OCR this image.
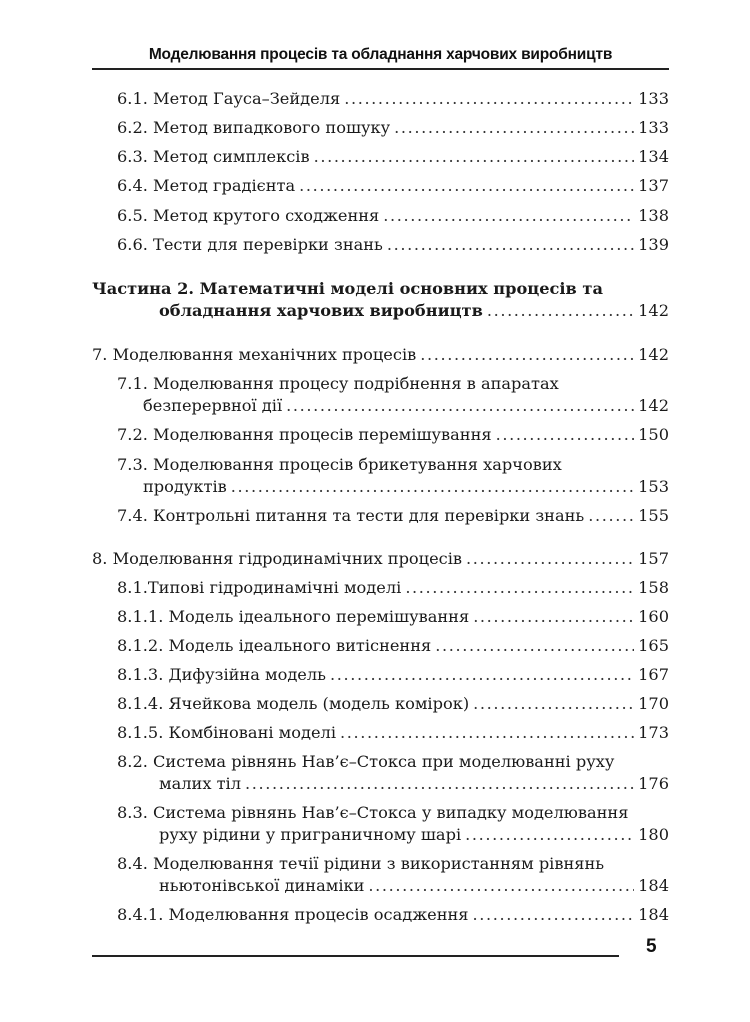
Моделювання процесів та обладнання харчових виробництв
6.1. Метод Гауса–Зейделя .....	133
6.2. Метод випадкового пошуку .....	133
6.3. Метод симплексів .....	134
6.4. Метод градієнта .....	137
6.5. Метод крутого сходження .....	138
6.6. Тести для перевірки знань .....	139
Частина 2. Математичні моделі основних процесів та
обладнання харчових виробництв .....	142
7. Моделювання механічних процесів .....	142
7.1. Моделювання процесу подрібнення в апаратах
безперервної дії .....	142
7.2. Моделювання процесів перемішування .....	150
7.3. Моделювання процесів брикетування харчових
продуктів .....	153
7.4. Контрольні питання та тести для перевірки знань .....	155
8. Моделювання гідродинамічних процесів .....	157
8.1.Типові гідродинамічні моделі .....	158
8.1.1. Модель ідеального перемішування .....	160
8.1.2. Модель ідеального витіснення .....	165
8.1.3. Дифузійна модель .....	167
8.1.4. Ячейкова модель (модель комірок) .....	170
8.1.5. Комбіновані моделі .....	173
8.2. Система рівнянь Нав’є–Стокса при моделюванні руху
малих тіл .....	176
8.3. Система рівнянь Нав’є–Стокса у випадку моделювання
руху рідини у приграничному шарі .....	180
8.4. Моделювання течії рідини з використанням рівнянь
ньютонівської динаміки .....	184
8.4.1. Моделювання процесів осадження .....	184
5
